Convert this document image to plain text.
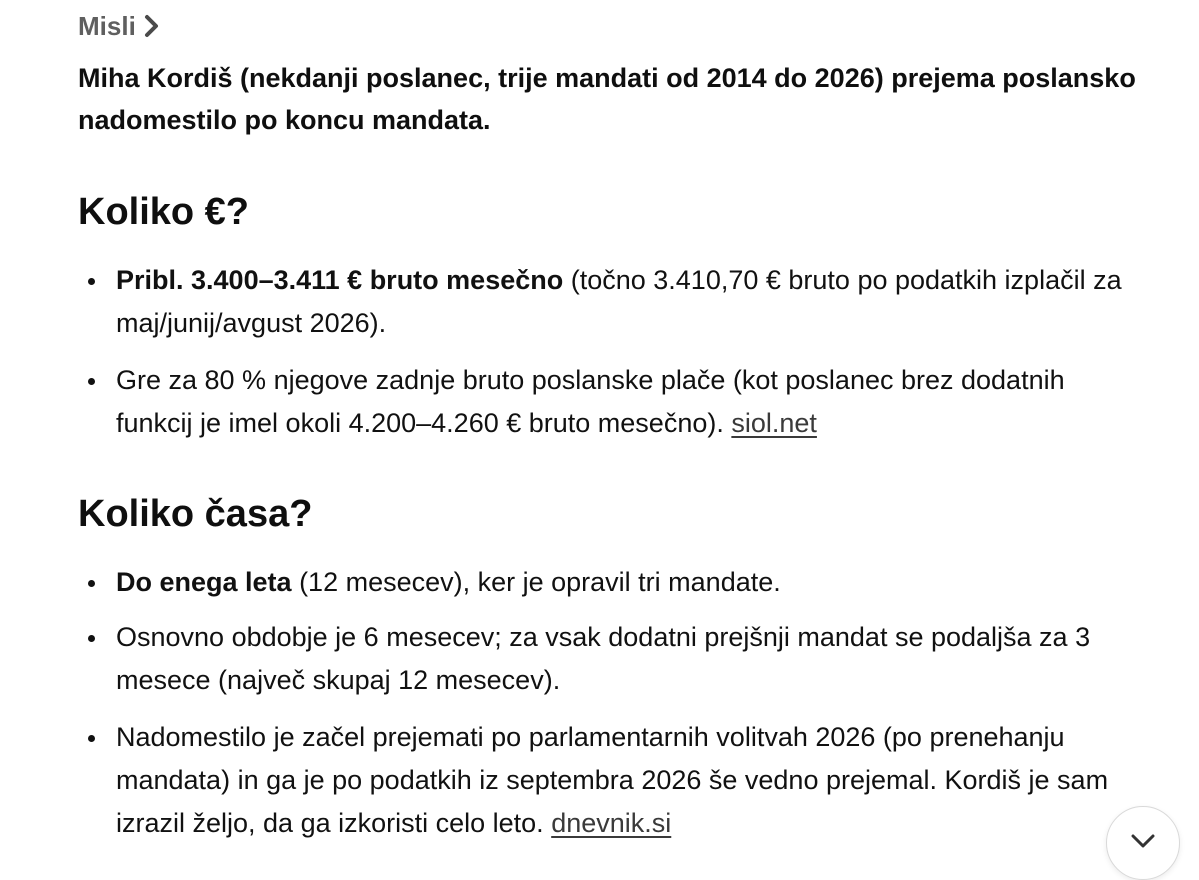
Misli
Miha Kordiš (nekdanji poslanec, trije mandati od 2014 do 2026) prejema poslansko nadomestilo po koncu mandata.
Koliko €?
Pribl. 3.400–3.411 € bruto mesečno (točno 3.410,70 € bruto po podatkih izplačil za maj/junij/avgust 2026).
Gre za 80 % njegove zadnje bruto poslanske plače (kot poslanec brez dodatnih funkcij je imel okoli 4.200–4.260 € bruto mesečno). siol.net
Koliko časa?
Do enega leta (12 mesecev), ker je opravil tri mandate.
Osnovno obdobje je 6 mesecev; za vsak dodatni prejšnji mandat se podaljša za 3 mesece (največ skupaj 12 mesecev).
Nadomestilo je začel prejemati po parlamentarnih volitvah 2026 (po prenehanju mandata) in ga je po podatkih iz septembra 2026 še vedno prejemal. Kordiš je sam izrazil željo, da ga izkoristi celo leto. dnevnik.si
